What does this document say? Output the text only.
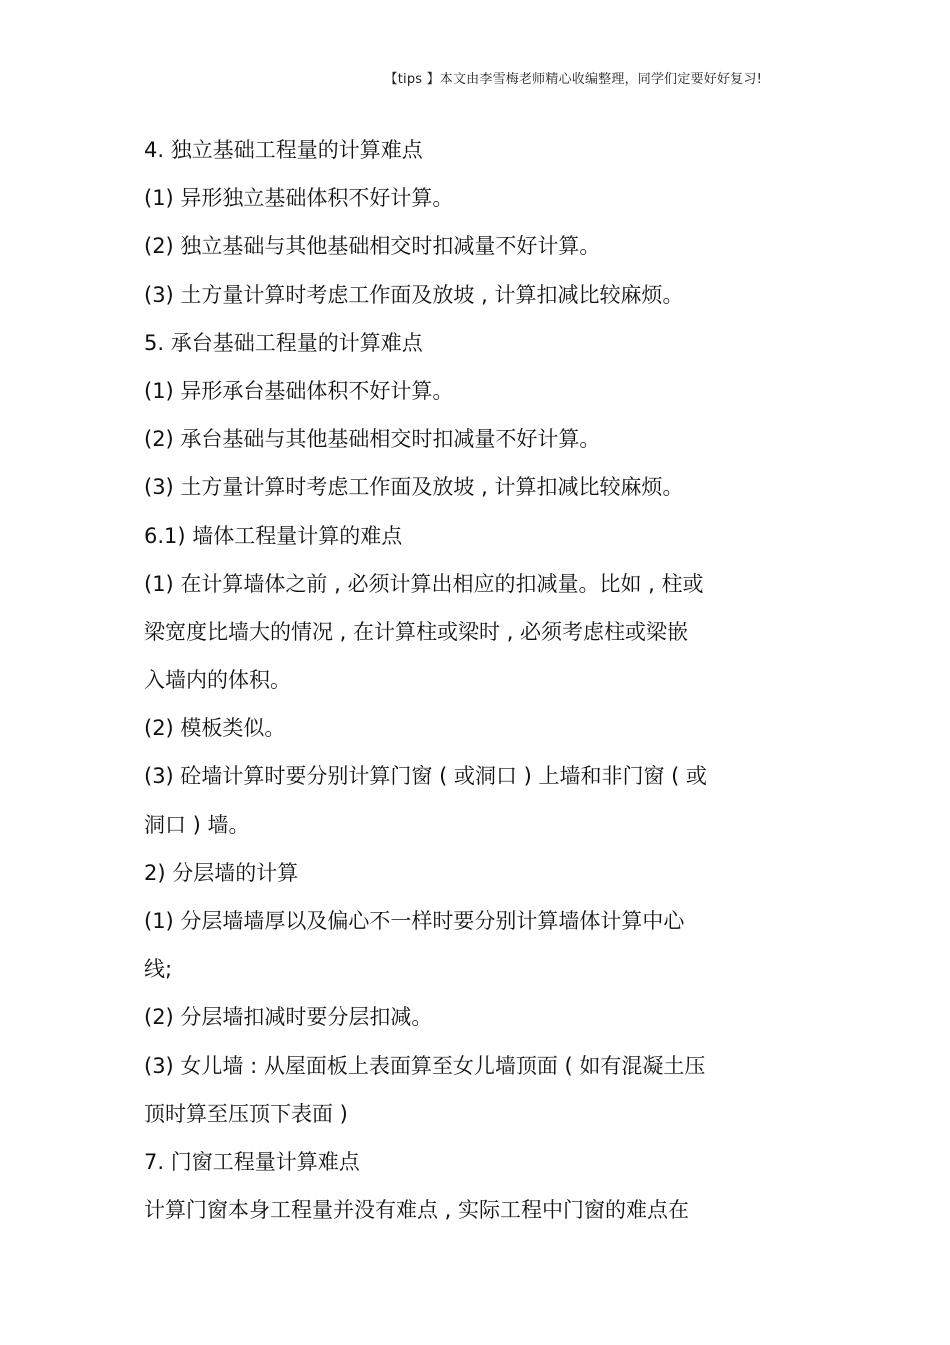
【tips 】本文由李雪梅老师精心收编整理，同学们定要好好复习!
4. 独立基础工程量的计算难点
(1) 异形独立基础体积不好计算。
(2) 独立基础与其他基础相交时扣减量不好计算。
(3) 土方量计算时考虑工作面及放坡 , 计算扣减比较麻烦。
5. 承台基础工程量的计算难点
(1) 异形承台基础体积不好计算。
(2) 承台基础与其他基础相交时扣减量不好计算。
(3) 土方量计算时考虑工作面及放坡 , 计算扣减比较麻烦。
6.1) 墙体工程量计算的难点
(1) 在计算墙体之前 , 必须计算出相应的扣减量。比如 , 柱或
梁宽度比墙大的情况 , 在计算柱或梁时 , 必须考虑柱或梁嵌
入墙内的体积。
(2) 模板类似。
(3) 砼墙计算时要分别计算门窗 ( 或洞口 ) 上墙和非门窗 ( 或
洞口 ) 墙。
2) 分层墙的计算
(1) 分层墙墙厚以及偏心不一样时要分别计算墙体计算中心
线;
(2) 分层墙扣减时要分层扣减。
(3) 女儿墙 : 从屋面板上表面算至女儿墙顶面 ( 如有混凝土压
顶时算至压顶下表面 )
7. 门窗工程量计算难点
计算门窗本身工程量并没有难点 , 实际工程中门窗的难点在
